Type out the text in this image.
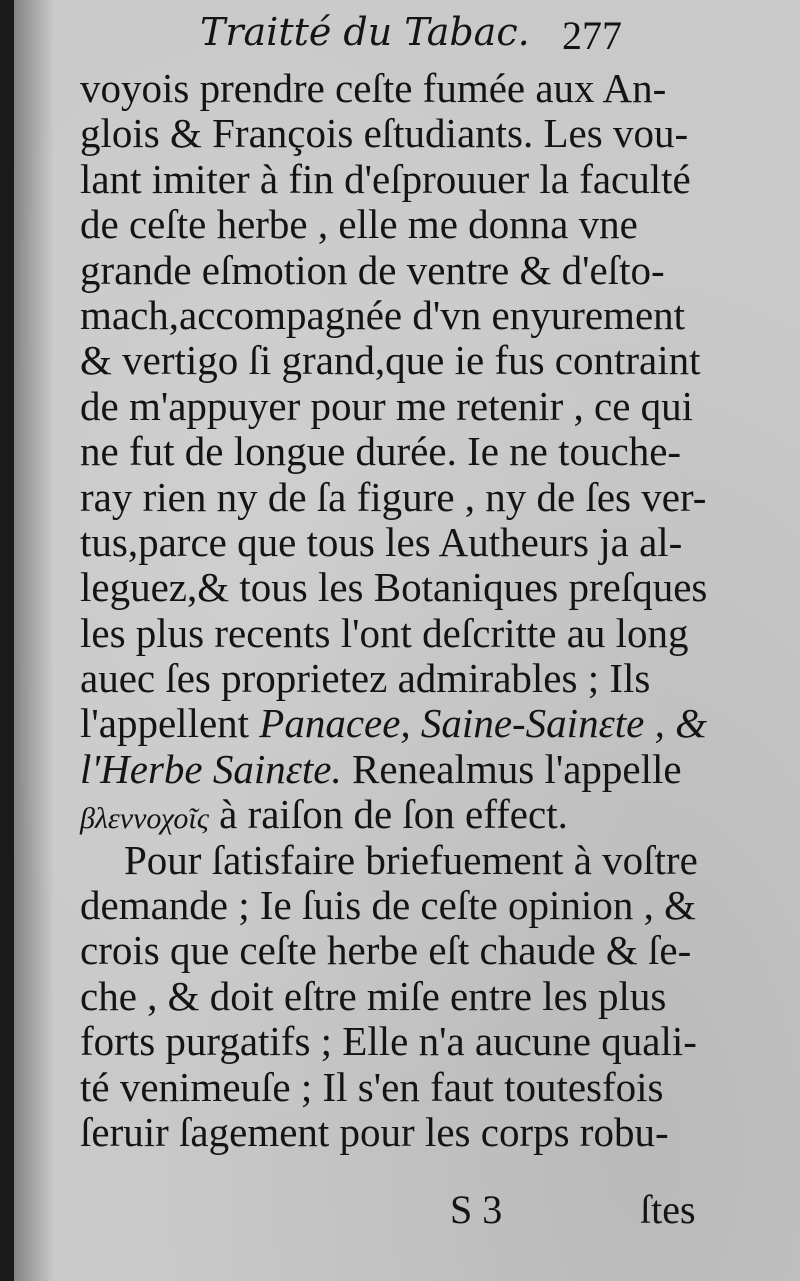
Traitté du Tabac. 277
voyois prendre ceſte fumée aux An-
glois & François eſtudiants. Les vou-
lant imiter à fin d'eſprouuer la faculté
de ceſte herbe , elle me donna vne
grande eſmotion de ventre & d'eſto-
mach,accompagnée d'vn enyurement
& vertigo ſi grand,que ie fus contraint
de m'appuyer pour me retenir , ce qui
ne fut de longue durée. Ie ne touche-
ray rien ny de ſa figure , ny de ſes ver-
tus,parce que tous les Autheurs ja al-
leguez,& tous les Botaniques preſques
les plus recents l'ont deſcritte au long
auec ſes proprietez admirables ; Ils
l'appellent Panacee, Saine-Sainɛte , &
l'Herbe Sainɛte. Renealmus l'appelle
βλεννοχοῖς à raiſon de ſon effect.
Pour ſatisfaire briefuement à voſtre
demande ; Ie ſuis de ceſte opinion , &
crois que ceſte herbe eſt chaude & ſe-
che , & doit eſtre miſe entre les plus
forts purgatifs ; Elle n'a aucune quali-
té venimeuſe ; Il s'en faut toutesfois
ſeruir ſagement pour les corps robu-
S 3	ſtes
